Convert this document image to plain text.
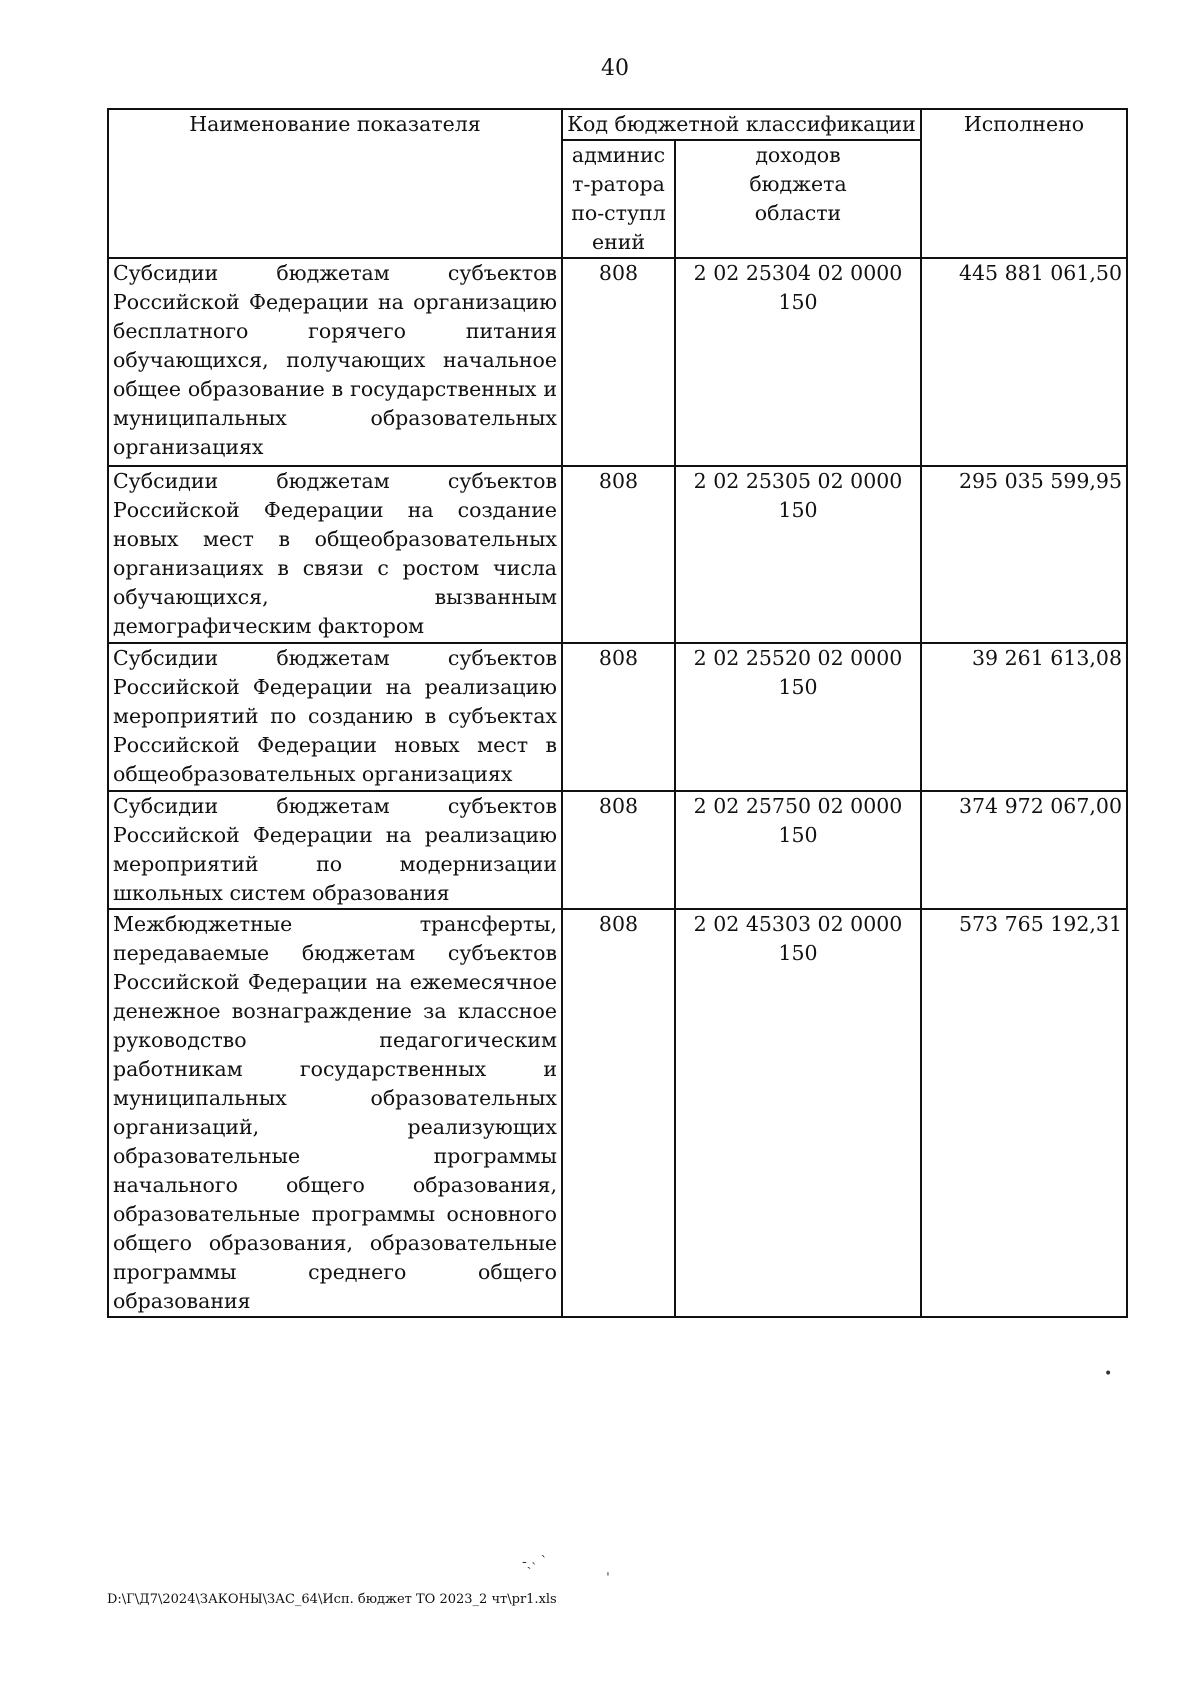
40
Наименование показателя	Код бюджетной классификации		Исполнено

	админист-ратора по-ступлений	доходов бюджета области	

Субсидии бюджетам субъектов Российской Федерации на организацию бесплатного горячего питания обучающихся, получающих начальное общее образование в государственных и муниципальных образовательных организациях	808	2 02 25304 02 0000 150	445 881 061,50
Субсидии бюджетам субъектов Российской Федерации на создание новых мест в общеобразовательных организациях в связи с ростом числа обучающихся, вызванным демографическим фактором	808	2 02 25305 02 0000 150	295 035 599,95
Субсидии бюджетам субъектов Российской Федерации на реализацию мероприятий по созданию в субъектах Российской Федерации новых мест в общеобразовательных организациях	808	2 02 25520 02 0000 150	39 261 613,08
Субсидии бюджетам субъектов Российской Федерации на реализацию мероприятий по модернизации школьных систем образования	808	2 02 25750 02 0000 150	374 972 067,00
Межбюджетные трансферты, передаваемые бюджетам субъектов Российской Федерации на ежемесячное денежное вознаграждение за классное руководство педагогическим работникам государственных и муниципальных образовательных организаций, реализующих образовательные программы начального общего образования, образовательные программы основного общего образования, образовательные программы среднего общего образования	808	2 02 45303 02 0000 150	573 765 192,31
•
-ˎ˴ ˋ	ˌ
D:\Г\Д7\2024\ЗАКОНЫ\ЗАС_64\Исп. бюджет ТО 2023_2 чт\pr1.xls
